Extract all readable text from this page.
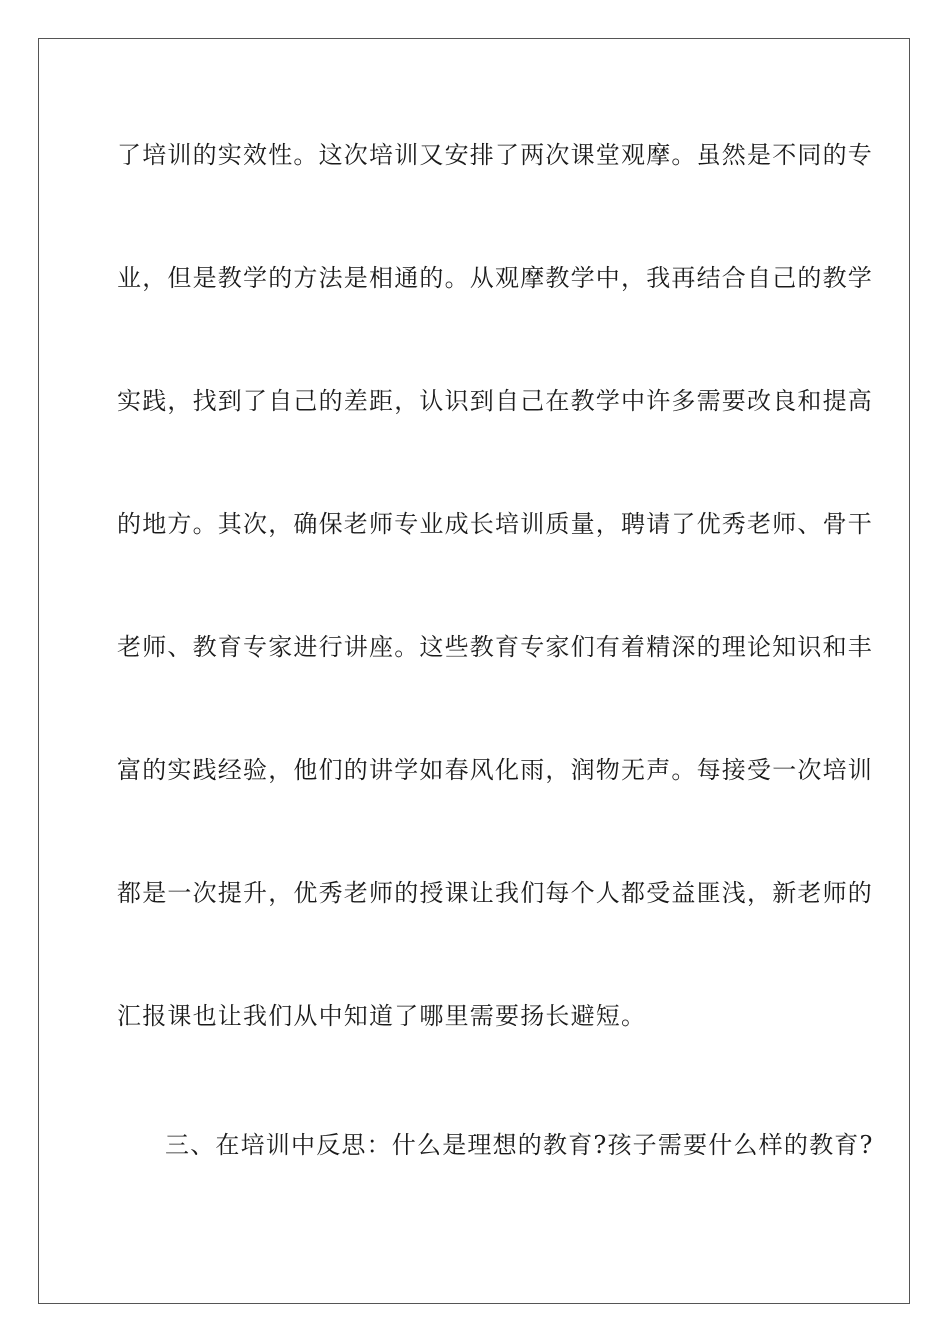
了培训的实效性。这次培训又安排了两次课堂观摩。虽然是不同的专
业，但是教学的方法是相通的。从观摩教学中，我再结合自己的教学
实践，找到了自己的差距，认识到自己在教学中许多需要改良和提高
的地方。其次，确保老师专业成长培训质量，聘请了优秀老师、骨干
老师、教育专家进行讲座。这些教育专家们有着精深的理论知识和丰
富的实践经验，他们的讲学如春风化雨，润物无声。每接受一次培训
都是一次提升，优秀老师的授课让我们每个人都受益匪浅，新老师的
汇报课也让我们从中知道了哪里需要扬长避短。
三、在培训中反思：什么是理想的教育?孩子需要什么样的教育?
